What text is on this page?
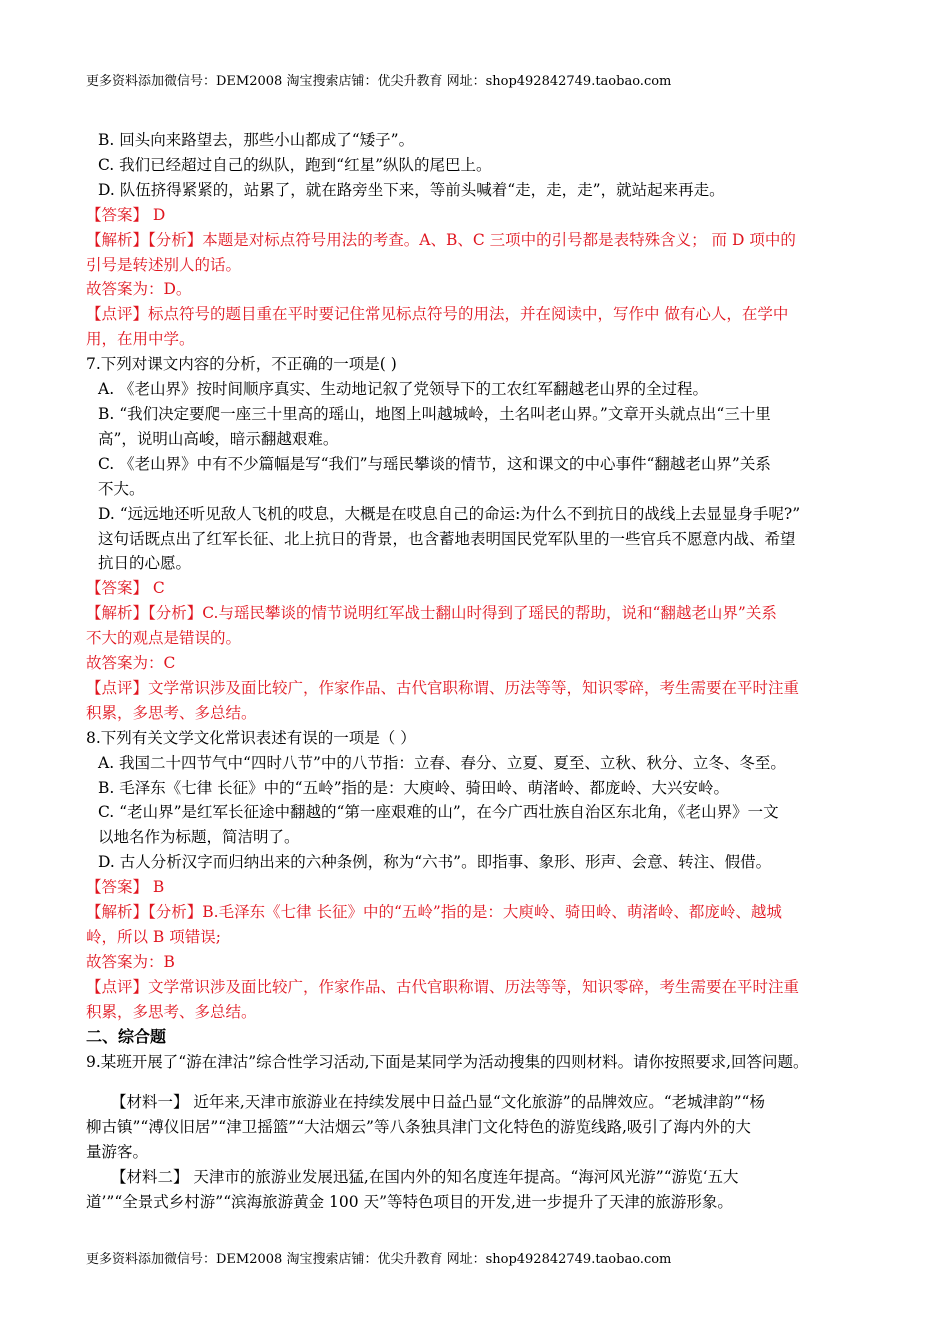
更多资料添加微信号：DEM2008 淘宝搜索店铺：优尖升教育 网址：shop492842749.taobao.com
B. 回头向来路望去，那些小山都成了“矮子”。
C. 我们已经超过自己的纵队，跑到“红星”纵队的尾巴上。
D. 队伍挤得紧紧的，站累了，就在路旁坐下来，等前头喊着“走，走，走”，就站起来再走。
【答案】 D
【解析】【分析】本题是对标点符号用法的考查。A、B、C 三项中的引号都是表特殊含义； 而 D 项中的
引号是转述别人的话。
故答案为：D。
【点评】标点符号的题目重在平时要记住常见标点符号的用法，并在阅读中，写作中 做有心人，在学中
用，在用中学。
7.下列对课文内容的分析，不正确的一项是( )
A. 《老山界》按时间顺序真实、生动地记叙了党领导下的工农红军翻越老山界的全过程。
B. “我们决定要爬一座三十里高的瑶山，地图上叫越城岭，土名叫老山界。”文章开头就点出“三十里
高”，说明山高峻，暗示翻越艰难。
C. 《老山界》中有不少篇幅是写“我们”与瑶民攀谈的情节，这和课文的中心事件“翻越老山界”关系
不大。
D. “远远地还听见敌人飞机的哎息，大概是在哎息自己的命运:为什么不到抗日的战线上去显显身手呢?”
这句话既点出了红军长征、北上抗日的背景，也含蓄地表明国民党军队里的一些官兵不愿意内战、希望
抗日的心愿。
【答案】 C
【解析】【分析】C.与瑶民攀谈的情节说明红军战士翻山时得到了瑶民的帮助，说和“翻越老山界”关系
不大的观点是错误的。
故答案为：C
【点评】文学常识涉及面比较广，作家作品、古代官职称谓、历法等等，知识零碎，考生需要在平时注重
积累，多思考、多总结。
8.下列有关文学文化常识表述有误的一项是（ ）
A. 我国二十四节气中“四时八节”中的八节指：立春、春分、立夏、夏至、立秋、秋分、立冬、冬至。
B. 毛泽东《七律 长征》中的“五岭”指的是：大庾岭、骑田岭、萌渚岭、都庞岭、大兴安岭。
C. “老山界”是红军长征途中翻越的“第一座艰难的山”，在今广西壮族自治区东北角，《老山界》一文
以地名作为标题，简洁明了。
D. 古人分析汉字而归纳出来的六种条例，称为“六书”。即指事、象形、形声、会意、转注、假借。
【答案】 B
【解析】【分析】B.毛泽东《七律 长征》中的“五岭”指的是：大庾岭、骑田岭、萌渚岭、都庞岭、越城
岭，所以 B 项错误;
故答案为：B
【点评】文学常识涉及面比较广，作家作品、古代官职称谓、历法等等，知识零碎，考生需要在平时注重
积累，多思考、多总结。
二、综合题
9.某班开展了“游在津沽”综合性学习活动,下面是某同学为活动搜集的四则材料。请你按照要求,回答问题。
【材料一】 近年来,天津市旅游业在持续发展中日益凸显“文化旅游”的品牌效应。“老城津韵”“杨
柳古镇”“溥仪旧居”“津卫摇篮”“大沽烟云”等八条独具津门文化特色的游览线路,吸引了海内外的大
量游客。
【材料二】 天津市的旅游业发展迅猛,在国内外的知名度连年提高。“海河风光游”“游览‘五大
道’”“全景式乡村游”“滨海旅游黄金 100 天”等特色项目的开发,进一步提升了天津的旅游形象。
更多资料添加微信号：DEM2008 淘宝搜索店铺：优尖升教育 网址：shop492842749.taobao.com
